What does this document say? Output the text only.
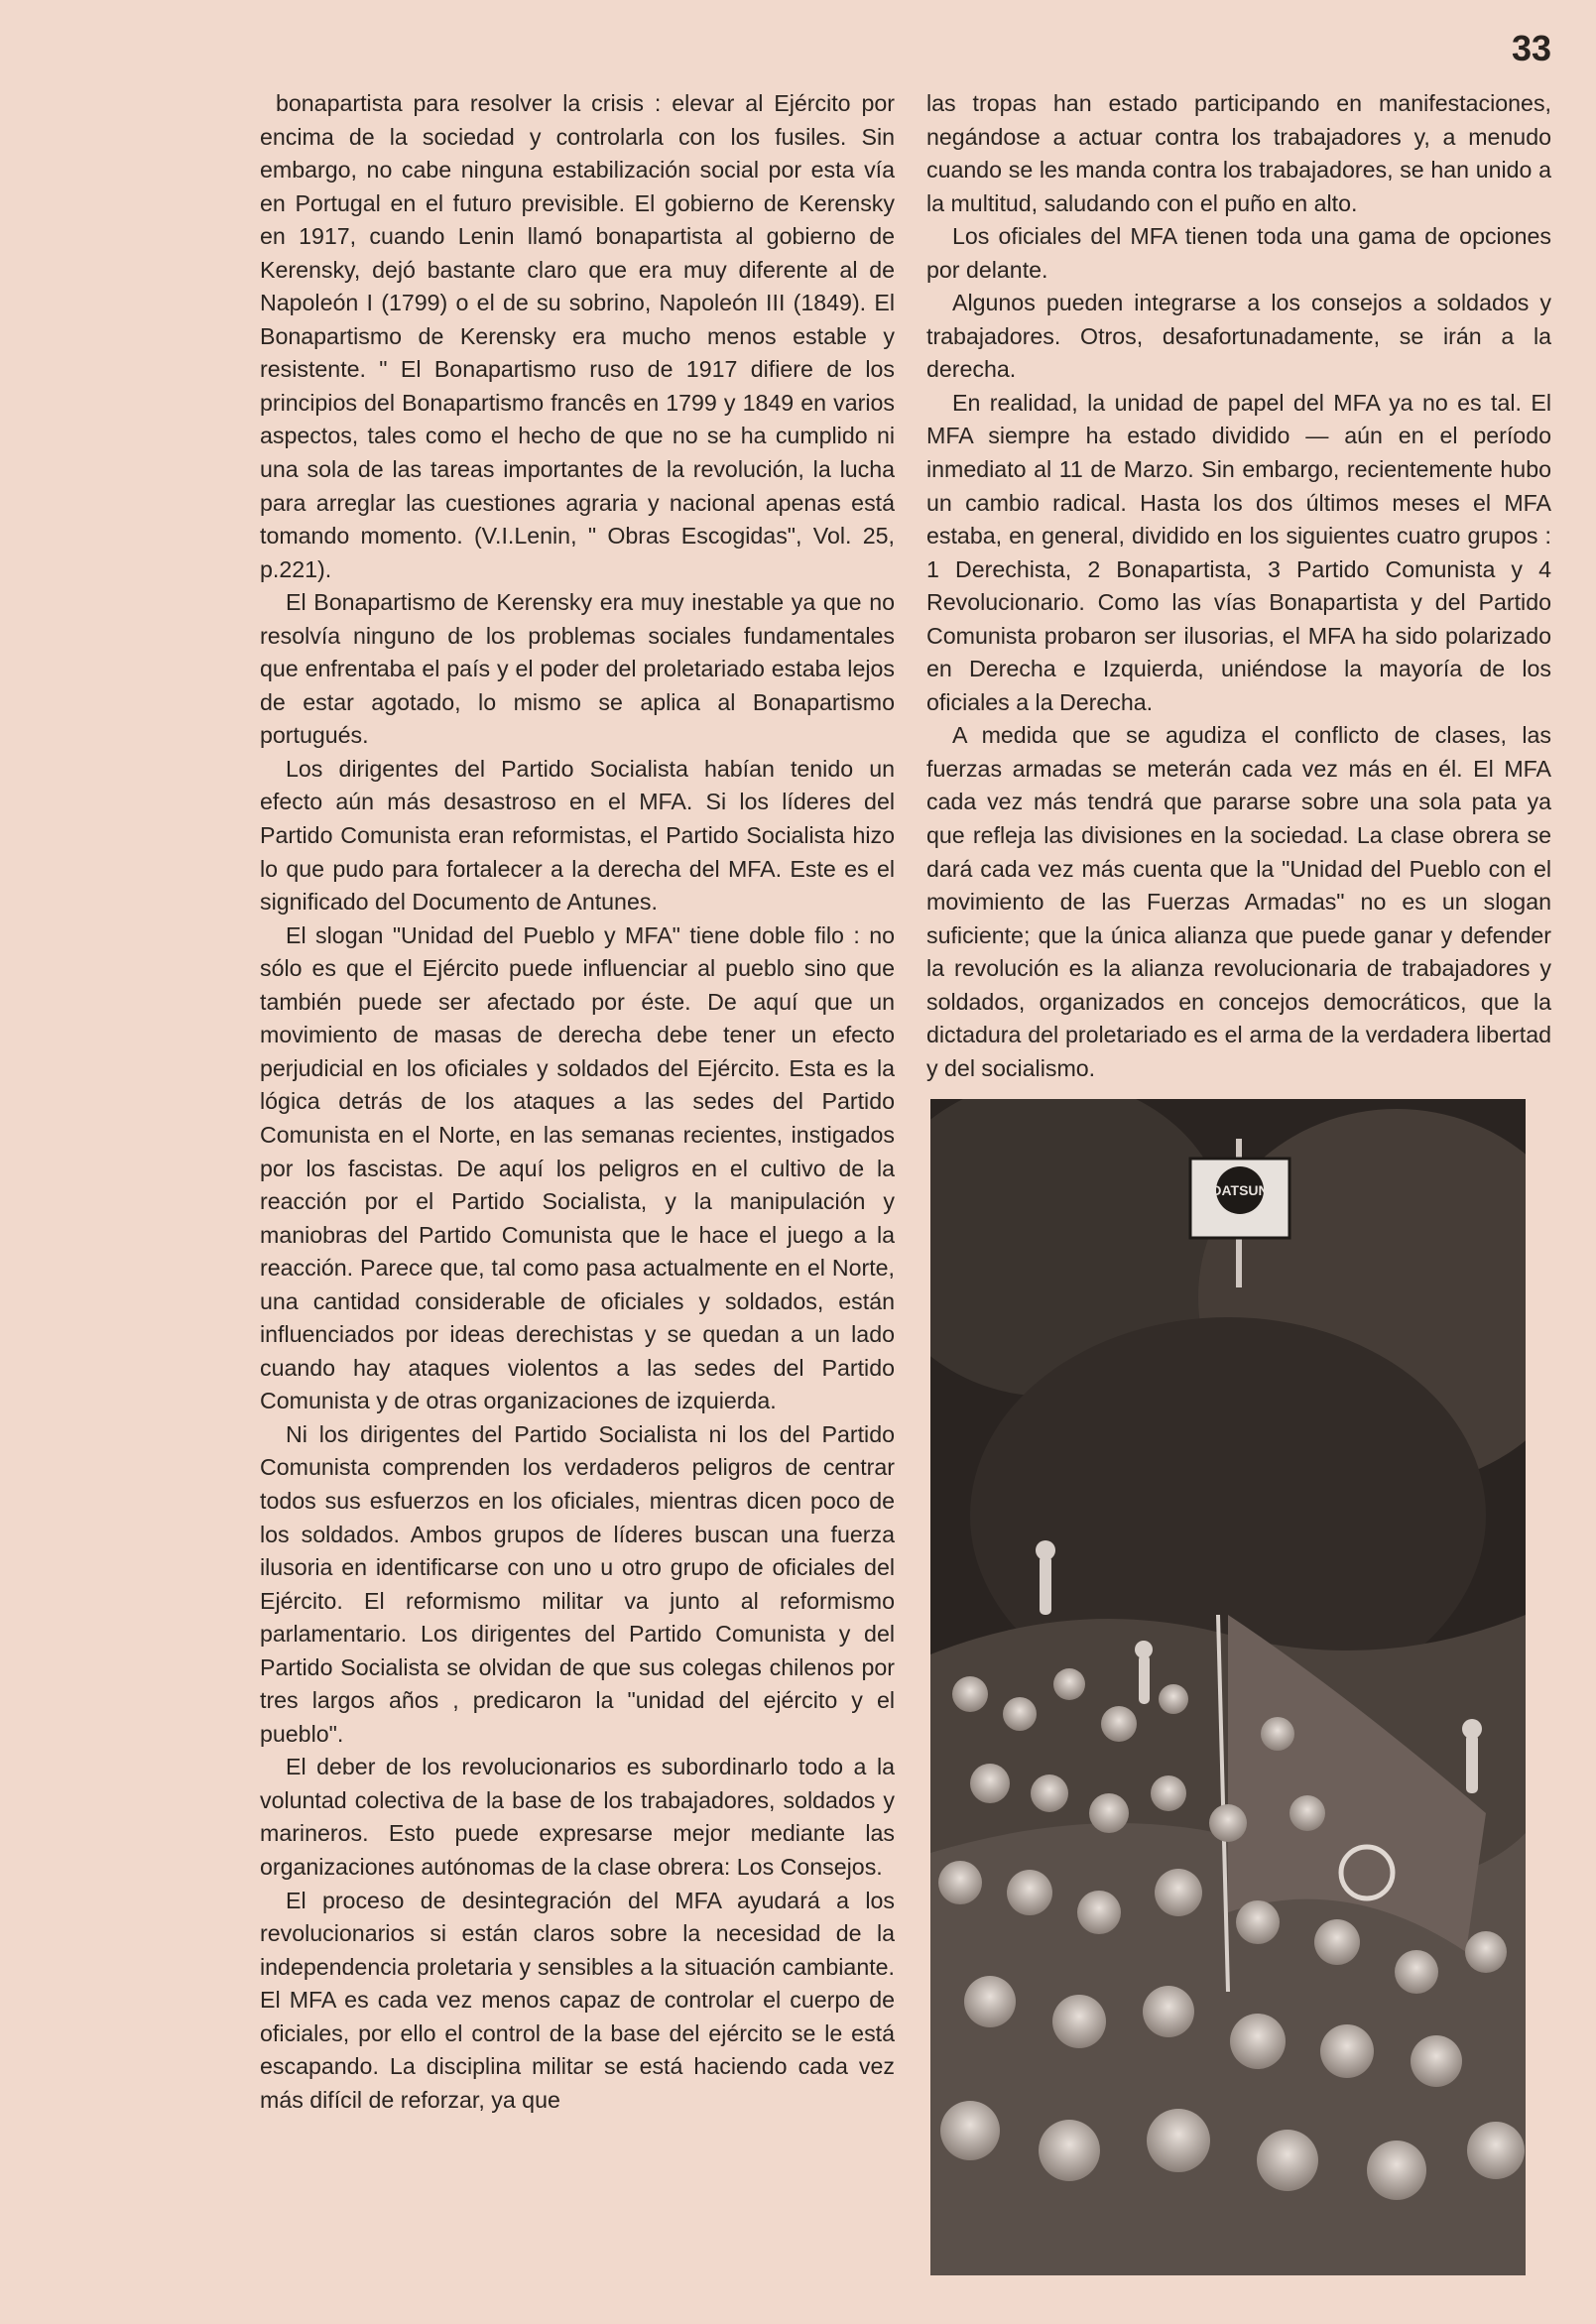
33

bonapartista para resolver la crisis : elevar al Ejército por encima de la sociedad y controlarla con los fusiles. Sin embargo, no cabe ninguna estabilización social por esta vía en Portugal en el futuro previsible. El gobierno de Kerensky en 1917, cuando Lenin llamó bonapartista al gobierno de Kerensky, dejó bastante claro que era muy diferente al de Napoleón I (1799) o el de su sobrino, Napoleón III (1849). El Bonapartismo de Kerensky era mucho menos estable y resistente. " El Bonapartismo ruso de 1917 difiere de los principios del Bonapartismo francês en 1799 y 1849 en varios aspectos, tales como el hecho de que no se ha cumplido ni una sola de las tareas importantes de la revolución, la lucha para arreglar las cuestiones agraria y nacional apenas está tomando momento. (V.I.Lenin, " Obras Escogidas", Vol. 25, p.221).

El Bonapartismo de Kerensky era muy inestable ya que no resolvía ninguno de los problemas sociales fundamentales que enfrentaba el país y el poder del proletariado estaba lejos de estar agotado, lo mismo se aplica al Bonapartismo portugués.

Los dirigentes del Partido Socialista habían tenido un efecto aún más desastroso en el MFA. Si los líderes del Partido Comunista eran reformistas, el Partido Socialista hizo lo que pudo para fortalecer a la derecha del MFA. Este es el significado del Documento de Antunes.

El slogan "Unidad del Pueblo y MFA" tiene doble filo : no sólo es que el Ejército puede influenciar al pueblo sino que también puede ser afectado por éste. De aquí que un movimiento de masas de derecha debe tener un efecto perjudicial en los oficiales y soldados del Ejército. Esta es la lógica detrás de los ataques a las sedes del Partido Comunista en el Norte, en las semanas recientes, instigados por los fascistas. De aquí los peligros en el cultivo de la reacción por el Partido Socialista, y la manipulación y maniobras del Partido Comunista que le hace el juego a la reacción. Parece que, tal como pasa actualmente en el Norte, una cantidad considerable de oficiales y soldados, están influenciados por ideas derechistas y se quedan a un lado cuando hay ataques violentos a las sedes del Partido Comunista y de otras organizaciones de izquierda.

Ni los dirigentes del Partido Socialista ni los del Partido Comunista comprenden los verdaderos peligros de centrar todos sus esfuerzos en los oficiales, mientras dicen poco de los soldados. Ambos grupos de líderes buscan una fuerza ilusoria en identificarse con uno u otro grupo de oficiales del Ejército. El reformismo militar va junto al reformismo parlamentario. Los dirigentes del Partido Comunista y del Partido Socialista se olvidan de que sus colegas chilenos por tres largos años , predicaron la "unidad del ejército y el pueblo".

El deber de los revolucionarios es subordinarlo todo a la voluntad colectiva de la base de los trabajadores, soldados y marineros. Esto puede expresarse mejor mediante las organizaciones autónomas de la clase obrera: Los Consejos.

El proceso de desintegración del MFA ayudará a los revolucionarios si están claros sobre la necesidad de la independencia proletaria y sensibles a la situación cambiante. El MFA es cada vez menos capaz de controlar el cuerpo de oficiales, por ello el control de la base del ejército se le está escapando. La disciplina militar se está haciendo cada vez más difícil de reforzar, ya que

las tropas han estado participando en manifestaciones, negándose a actuar contra los trabajadores y, a menudo cuando se les manda contra los trabajadores, se han unido a la multitud, saludando con el puño en alto.

Los oficiales del MFA tienen toda una gama de opciones por delante.

Algunos pueden integrarse a los consejos a soldados y trabajadores. Otros, desafortunadamente, se irán a la derecha.

En realidad, la unidad de papel del MFA ya no es tal. El MFA siempre ha estado dividido — aún en el período inmediato al 11 de Marzo. Sin embargo, recientemente hubo un cambio radical. Hasta los dos últimos meses el MFA estaba, en general, dividido en los siguientes cuatro grupos : 1 Derechista, 2 Bonapartista, 3 Partido Comunista y 4 Revolucionario. Como las vías Bonapartista y del Partido Comunista probaron ser ilusorias, el MFA ha sido polarizado en Derecha e Izquierda, uniéndose la mayoría de los oficiales a la Derecha.

A medida que se agudiza el conflicto de clases, las fuerzas armadas se meterán cada vez más en él. El MFA cada vez más tendrá que pararse sobre una sola pata ya que refleja las divisiones en la sociedad. La clase obrera se dará cada vez más cuenta que la "Unidad del Pueblo con el movimiento de las Fuerzas Armadas" no es un slogan suficiente; que la única alianza que puede ganar y defender la revolución es la alianza revolucionaria de trabajadores y soldados, organizados en concejos democráticos, que la dictadura del proletariado es el arma de la verdadera libertad y del socialismo.

DATSUN
